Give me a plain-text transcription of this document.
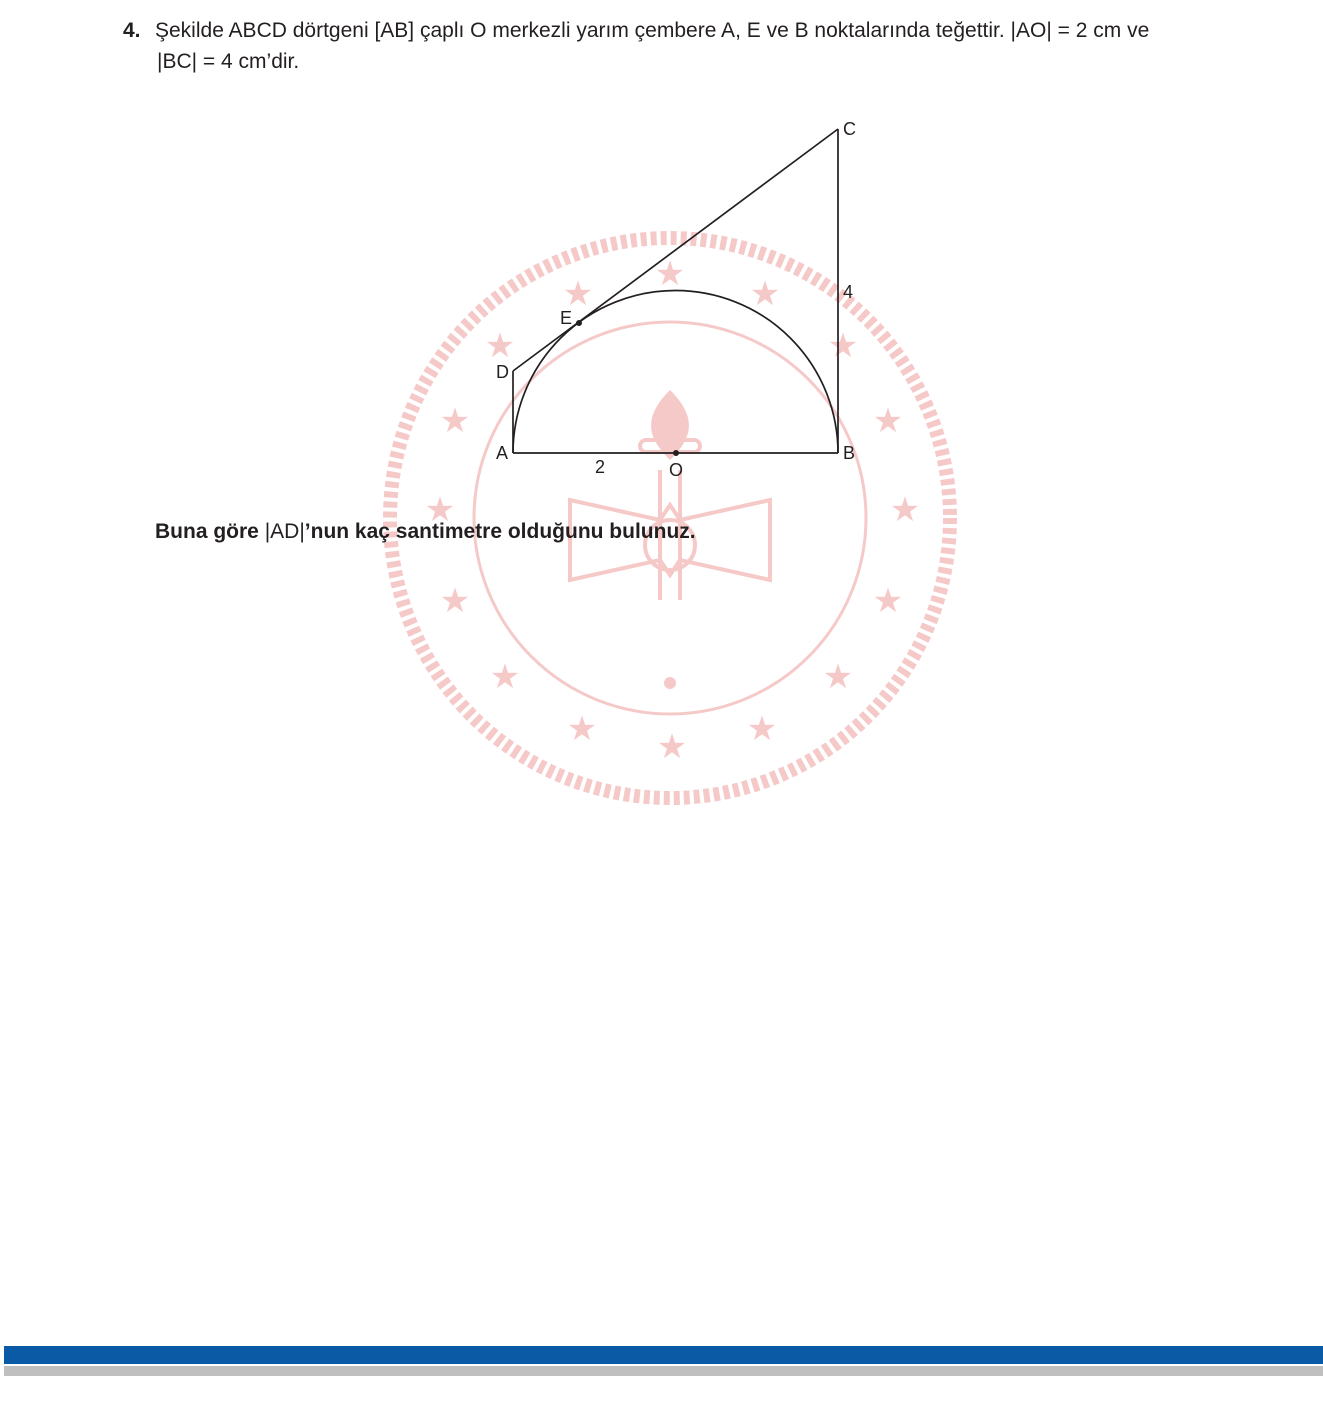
4. Şekilde ABCD dörtgeni [AB] çaplı O merkezli yarım çembere A, E ve B noktalarında teğettir. |AO| = 2 cm ve
|BC| = 4 cm’dir.
★
★
★
★
★
★
★
★
★
★
★
★
★
★
★
★
C
B
A
D
E
O
2
4
Buna göre |AD|’nun kaç santimetre olduğunu bulunuz.
